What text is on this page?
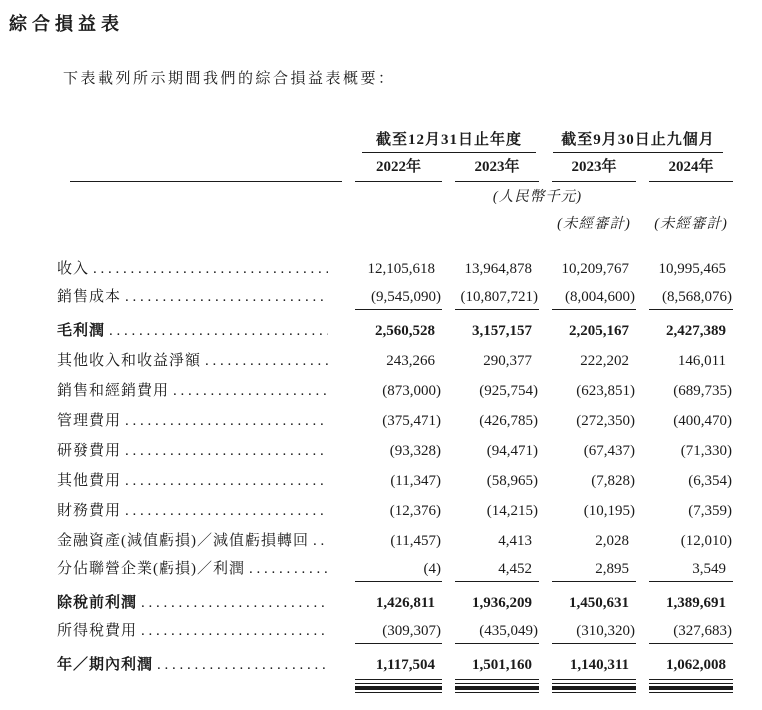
綜合損益表

下表載列所示期間我們的綜合損益表概要：

	截至12月31日止年度		截至9月30日止九個月	

	2022年	2023年	2023年	2024年
	(人民幣千元)			
			(未經審計)	(未經審計)

收入
. . .	12,105,618	13,964,878	10,209,767	10,995,465

銷售成本
. . .	(9,545,090)	(10,807,721)	(8,004,600)	(8,568,076)

毛利潤
. . .	2,560,528	3,157,157	2,205,167	2,427,389

其他收入和收益淨額
. . .	243,266	290,377	222,202	146,011

銷售和經銷費用
. . .	(873,000)	(925,754)	(623,851)	(689,735)

管理費用
. . .	(375,471)	(426,785)	(272,350)	(400,470)

研發費用
. . .	(93,328)	(94,471)	(67,437)	(71,330)

其他費用
. . .	(11,347)	(58,965)	(7,828)	(6,354)

財務費用
. . .	(12,376)	(14,215)	(10,195)	(7,359)

金融資產(減值虧損)／減值虧損轉回
. . .	(11,457)	4,413	2,028	(12,010)

分佔聯營企業(虧損)／利潤
. . .	(4)	4,452	2,895	3,549

除稅前利潤
. . .	1,426,811	1,936,209	1,450,631	1,389,691

所得稅費用
. . .	(309,307)	(435,049)	(310,320)	(327,683)

年／期內利潤
. . .	1,117,504	1,501,160	1,140,311	1,062,008
